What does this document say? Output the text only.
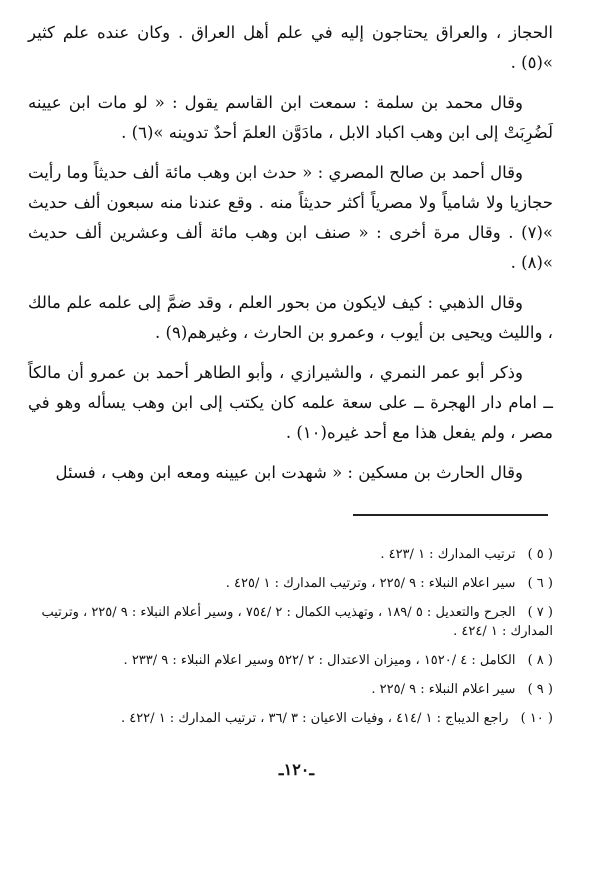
الحجاز ، والعراق يحتاجون إليه في علم أهل العراق . وكان عنده علم كثير »(٥) .

وقال محمد بن سلمة : سمعت ابن القاسم يقول : « لو مات ابن عيينه لَضُرِبَتْ إلى ابن وهب اكباد الابل ، مادَوَّن العلمَ أحدٌ تدوينه »(٦) .

وقال أحمد بن صالح المصري : « حدث ابن وهب مائة ألف حديثاً وما رأيت حجازيا ولا شامياً ولا مصرياً أكثر حديثاً منه . وقع عندنا منه سبعون ألف حديث »(٧) . وقال مرة أخرى : « صنف ابن وهب مائة ألف وعشرين ألف حديث »(٨) .

وقال الذهبي : كيف لايكون من بحور العلم ، وقد ضمَّ إلى علمه علم مالك ، والليث ويحيى بن أيوب ، وعمرو بن الحارث ، وغيرهم(٩) .

وذكر أبو عمر النمري ، والشيرازي ، وأبو الطاهر أحمد بن عمرو أن مالكاً ــ امام دار الهجرة ــ على سعة علمه كان يكتب إلى ابن وهب يسأله وهو في مصر ، ولم يفعل هذا مع أحد غيره(١٠) .

وقال الحارث بن مسكين : « شهدت ابن عيينه ومعه ابن وهب ، فسئل

( ٥ ) ترتيب المدارك : ١ /٤٢٣ .
( ٦ ) سير اعلام النبلاء : ٩ /٢٢٥ ، وترتيب المدارك : ١ /٤٢٥ .
( ٧ ) الجرح والتعديل : ٥ /١٨٩ ، وتهذيب الكمال : ٢ /٧٥٤ ، وسير أعلام النبلاء : ٩ /٢٢٥ ، وترتيب المدارك : ١ /٤٢٤ .
( ٨ ) الكامل : ٤ /١٥٢٠ ، وميزان الاعتدال : ٢ /٥٢٢ وسير اعلام النبلاء : ٩ /٢٣٣ .
( ٩ ) سير اعلام النبلاء : ٩ /٢٢٥ .
( ١٠ ) راجع الديباج : ١ /٤١٤ ، وفيات الاعيان : ٣ /٣٦ ، ترتيب المدارك : ١ /٤٢٢ .
ـ١٢٠ـ
